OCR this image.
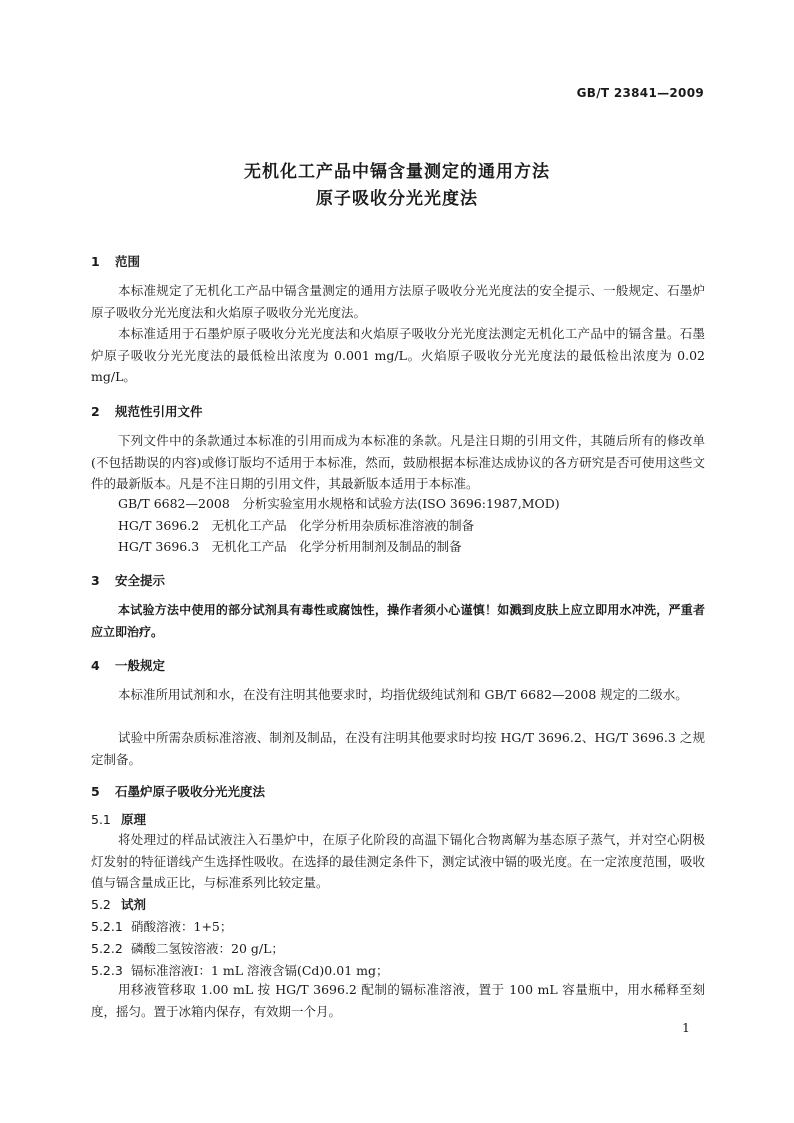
GB/T 23841—2009
无机化工产品中镉含量测定的通用方法
原子吸收分光光度法
1 范围
本标准规定了无机化工产品中镉含量测定的通用方法原子吸收分光光度法的安全提示、一般规定、石墨炉原子吸收分光光度法和火焰原子吸收分光光度法。
本标准适用于石墨炉原子吸收分光光度法和火焰原子吸收分光光度法测定无机化工产品中的镉含量。石墨炉原子吸收分光光度法的最低检出浓度为 0.001 mg/L。火焰原子吸收分光光度法的最低检出浓度为 0.02 mg/L。
2 规范性引用文件
下列文件中的条款通过本标准的引用而成为本标准的条款。凡是注日期的引用文件，其随后所有的修改单(不包括勘误的内容)或修订版均不适用于本标准，然而，鼓励根据本标准达成协议的各方研究是否可使用这些文件的最新版本。凡是不注日期的引用文件，其最新版本适用于本标准。
GB/T 6682—2008　分析实验室用水规格和试验方法(ISO 3696:1987,MOD)
HG/T 3696.2　无机化工产品　化学分析用杂质标准溶液的制备
HG/T 3696.3　无机化工产品　化学分析用制剂及制品的制备
3 安全提示
本试验方法中使用的部分试剂具有毒性或腐蚀性，操作者须小心谨慎！如溅到皮肤上应立即用水冲洗，严重者应立即治疗。
4 一般规定
本标准所用试剂和水，在没有注明其他要求时，均指优级纯试剂和 GB/T 6682—2008 规定的二级水。
试验中所需杂质标准溶液、制剂及制品，在没有注明其他要求时均按 HG/T 3696.2、HG/T 3696.3 之规定制备。
5 石墨炉原子吸收分光光度法
5.1 原理
将处理过的样品试液注入石墨炉中，在原子化阶段的高温下镉化合物离解为基态原子蒸气，并对空心阴极灯发射的特征谱线产生选择性吸收。在选择的最佳测定条件下，测定试液中镉的吸光度。在一定浓度范围，吸收值与镉含量成正比，与标准系列比较定量。
5.2 试剂
5.2.1 硝酸溶液：1+5；
5.2.2 磷酸二氢铵溶液：20 g/L；
5.2.3 镉标准溶液Ⅰ：1 mL 溶液含镉(Cd)0.01 mg；
用移液管移取 1.00 mL 按 HG/T 3696.2 配制的镉标准溶液，置于 100 mL 容量瓶中，用水稀释至刻度，摇匀。置于冰箱内保存，有效期一个月。
1
